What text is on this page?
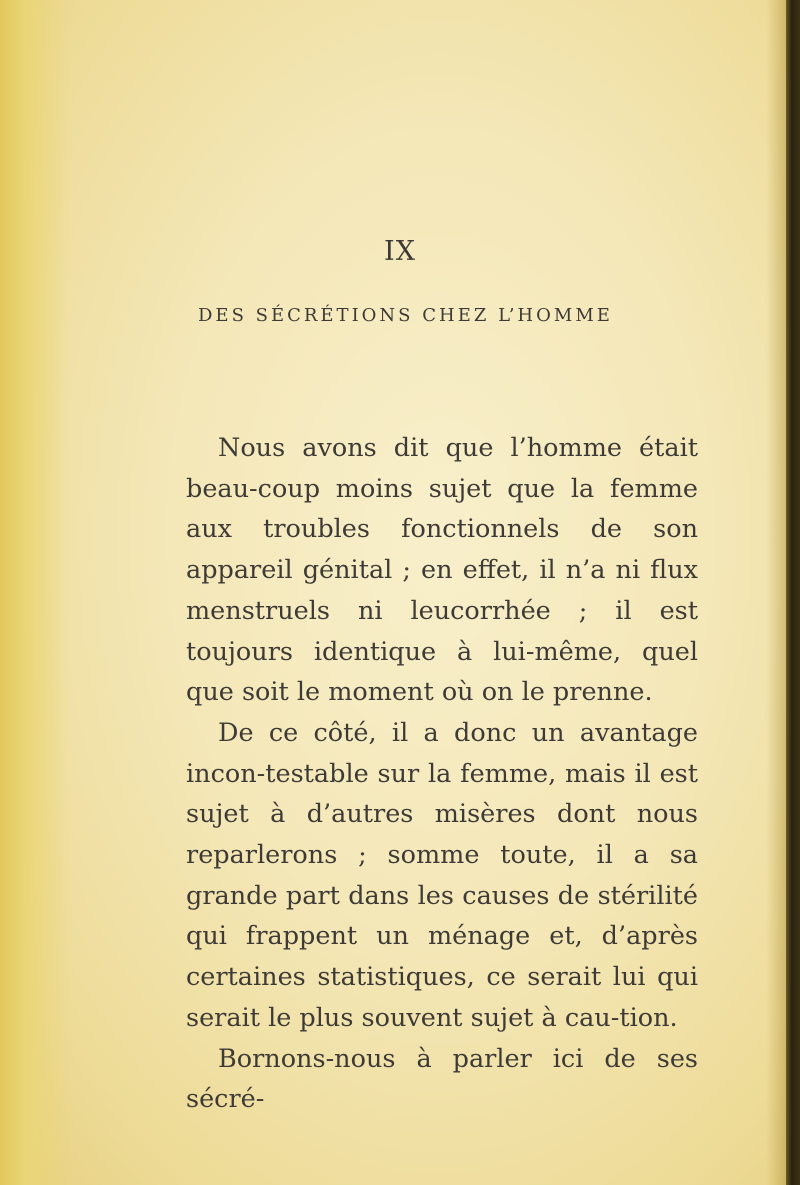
IX
DES SÉCRÉTIONS CHEZ L’HOMME

Nous avons dit que l’homme était beau-coup moins sujet que la femme aux troubles fonctionnels de son appareil génital ; en effet, il n’a ni flux menstruels ni leucorrhée ; il est toujours identique à lui-même, quel que soit le moment où on le prenne.

De ce côté, il a donc un avantage incon-testable sur la femme, mais il est sujet à d’autres misères dont nous reparlerons ; somme toute, il a sa grande part dans les causes de stérilité qui frappent un ménage et, d’après certaines statistiques, ce serait lui qui serait le plus souvent sujet à cau-tion.

Bornons-nous à parler ici de ses sécré-
